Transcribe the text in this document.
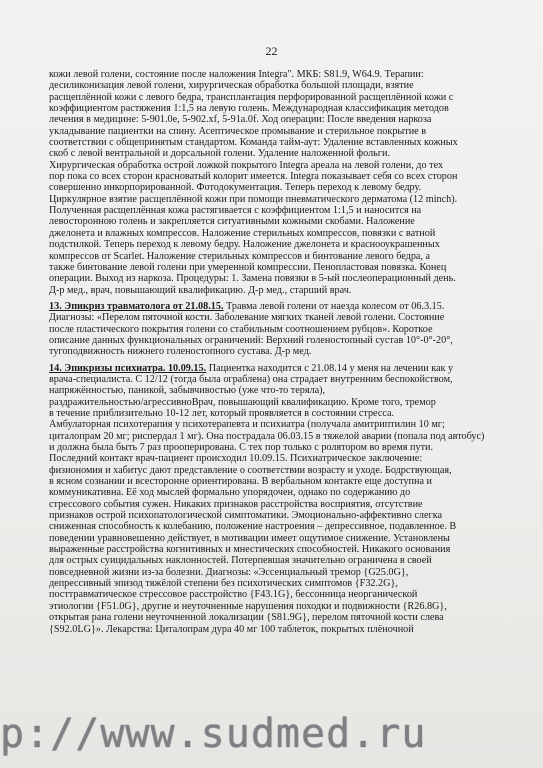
22
кожи левой голени, состояние после наложения Integra". МКБ: S81.9, W64.9. Терапии:
десиликонизация левой голени, хирургическая обработка большой площади, взятие
расщеплённой кожи с левого бедра, трансплантация перфорированной расщеплённой кожи с
коэффициентом растяжения 1:1,5 на левую голень. Международная классификация методов
лечения в медицине: 5-901.0e, 5-902.xf, 5-91a.0f. Ход операции: После введения наркоза
укладывание пациентки на спину. Асептическое промывание и стерильное покрытие в
соответствии с общепринятым стандартом. Команда тайм-аут: Удаление вставленных кожных
скоб с левой вентральной и дорсальной голени. Удаление наложенной фольги.
Хирургическая обработка острой ложкой покрытого Integra ареала на левой голени, до тех
пор пока со всех сторон красноватый колорит имеется. Integra показывает себя со всех сторон
совершенно инкорпорированной. Фотодокументация. Теперь переход к левому бедру.
Циркулярное взятие расщеплённой кожи при помощи пневматического дерматома (12 minch).
Полученная расщеплённая кожа растягивается с коэффициентом 1:1,5 и наносится на
левосторонною голень и закрепляется ситуативными кожными скобами. Наложение
джелонета и влажных компрессов. Наложение стерильных компрессов, повязки с ватной
подстилкой. Теперь переход к левому бедру. Наложение джелонета и краснооукрашенных
компрессов от Scarlet. Наложение стерильных компрессов и бинтование левого бедра, а
также бинтование левой голени при умеренной компрессии. Пенопластовая повязка. Конец
операции. Выход из наркоза. Процедуры: 1. Замена повязки в 5-ый послеоперационный день.
Д-р мед., врач, повышающий квалификацию. Д-р мед., старший врач.
13. Эпикриз травматолога от 21.08.15. Травма левой голени от наезда колесом от 06.3.15.
Диагнозы: «Перелом пяточной кости. Заболевание мягких тканей левой голени. Состояние
после пластического покрытия голени со стабильным соотношением рубцов». Короткое
описание данных функциональных ограничений: Верхний голеностопный сустав 10°-0°-20°,
тугоподвижность нижнего голеностопного сустава. Д-р мед.
14. Эпикризы психиатра. 10.09.15. Пациентка находится с 21.08.14 у меня на лечении как у
врача-специалиста. С 12/12 (тогда была ограблена) она страдает внутренним беспокойством,
напряжённостью, паникой, забывчивостью (уже что-то теряла),
раздражительностью/агрессивноВрач, повышающий квалификацию. Кроме того, тремор
в течение приблизительно 10-12 лет, который проявляется в состоянии стресса.
Амбулаторная психотерапия у психотерапевта и психиатра (получала амитриптилин 10 мг;
циталопрам 20 мг; риспердал 1 мг). Она пострадала 06.03.15 в тяжелой аварии (попала под автобус)
и должна была быть 7 раз прооперирована. С тех пор только с ролятором во время пути.
Последний контакт врач-пациент происходил 10.09.15. Психиатрическое заключение:
физиономия и хабитус дают представление о соответствии возрасту и уходе. Бодрствующая,
в ясном сознании и всесторонне ориентирована. В вербальном контакте еще доступна и
коммуникативна. Её ход мыслей формально упорядочен, однако по содержанию до
стрессового события сужен. Никаких признаков расстройства восприятия, отсутствие
признаков острой психопатологической симптоматики. Эмоционально-аффективно слегка
сниженная способность к колебанию, положение настроения – депрессивное, подавленное. В
поведении уравновешенно действует, в мотивации имеет ощутимое снижение. Установлены
выраженные расстройства когнитивных и мнестических способностей. Никакого основания
для острых суицидальных наклонностей. Потерпевшая значительно ограничена в своей
повседневной жизни из-за болезни. Диагнозы: «Эссенциальный тремор {G25.0G},
депрессивный эпизод тяжёлой степени без психотических симптомов {F32.2G},
посттравматическое стрессовое расстройство {F43.1G}, бессонница неорганической
этиологии {F51.0G}, другие и неуточненные нарушения походки и подвижности {R26.8G},
открытая рана голени неуточненной локализации {S81.9G}, перелом пяточной кости слева
{S92.0LG}». Лекарства: Циталопрам дура 40 мг 100 таблеток, покрытых плёночной
p://www.sudmed.ru
